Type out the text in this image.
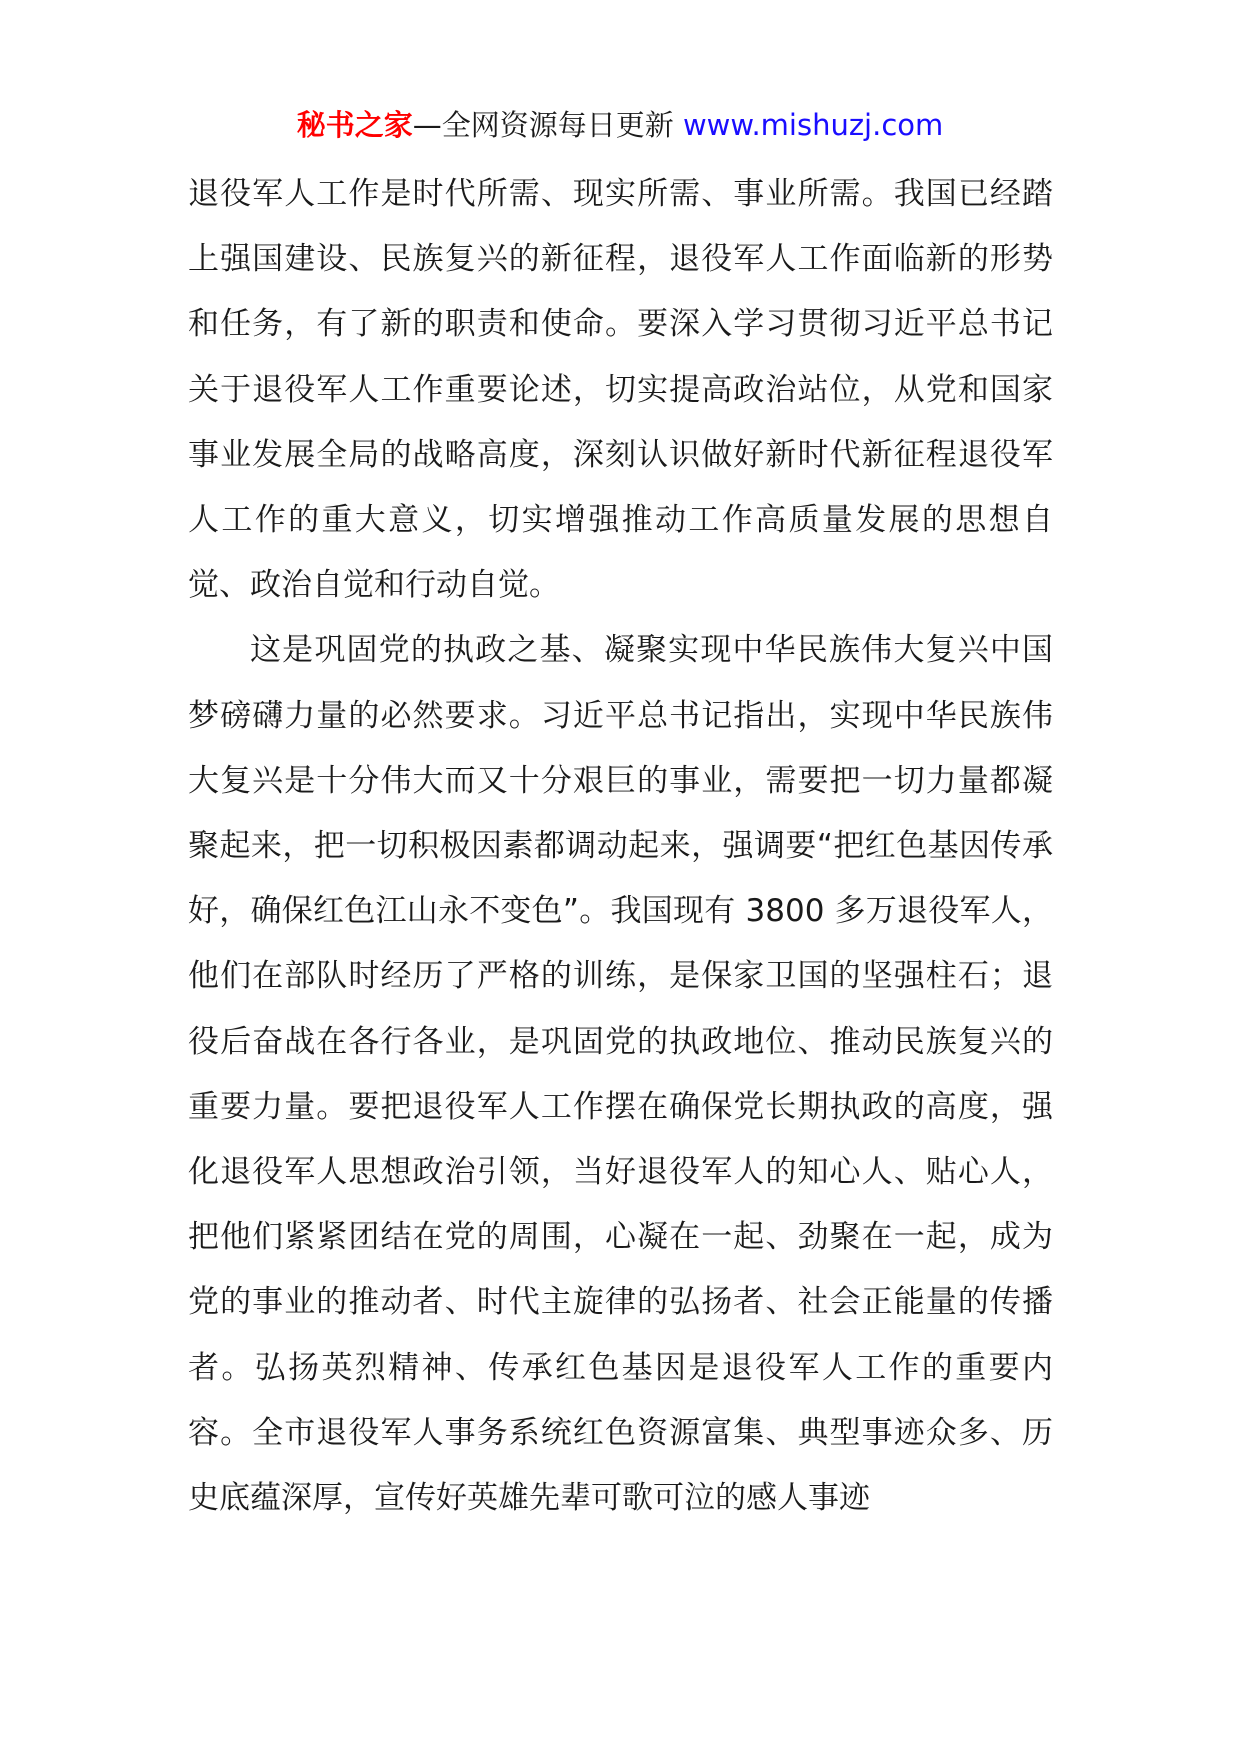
秘书之家—全网资源每日更新 www.mishuzj.com

退役军人工作是时代所需、现实所需、事业所需。我国已经踏上强国建设、民族复兴的新征程，退役军人工作面临新的形势和任务，有了新的职责和使命。要深入学习贯彻习近平总书记关于退役军人工作重要论述，切实提高政治站位，从党和国家事业发展全局的战略高度，深刻认识做好新时代新征程退役军人工作的重大意义，切实增强推动工作高质量发展的思想自觉、政治自觉和行动自觉。

这是巩固党的执政之基、凝聚实现中华民族伟大复兴中国梦磅礴力量的必然要求。习近平总书记指出，实现中华民族伟大复兴是十分伟大而又十分艰巨的事业，需要把一切力量都凝聚起来，把一切积极因素都调动起来，强调要“把红色基因传承好，确保红色江山永不变色”。我国现有 3800 多万退役军人，他们在部队时经历了严格的训练，是保家卫国的坚强柱石；退役后奋战在各行各业，是巩固党的执政地位、推动民族复兴的重要力量。要把退役军人工作摆在确保党长期执政的高度，强化退役军人思想政治引领，当好退役军人的知心人、贴心人，把他们紧紧团结在党的周围，心凝在一起、劲聚在一起，成为党的事业的推动者、时代主旋律的弘扬者、社会正能量的传播者。弘扬英烈精神、传承红色基因是退役军人工作的重要内容。全市退役军人事务系统红色资源富集、典型事迹众多、历史底蕴深厚，宣传好英雄先辈可歌可泣的感人事迹
